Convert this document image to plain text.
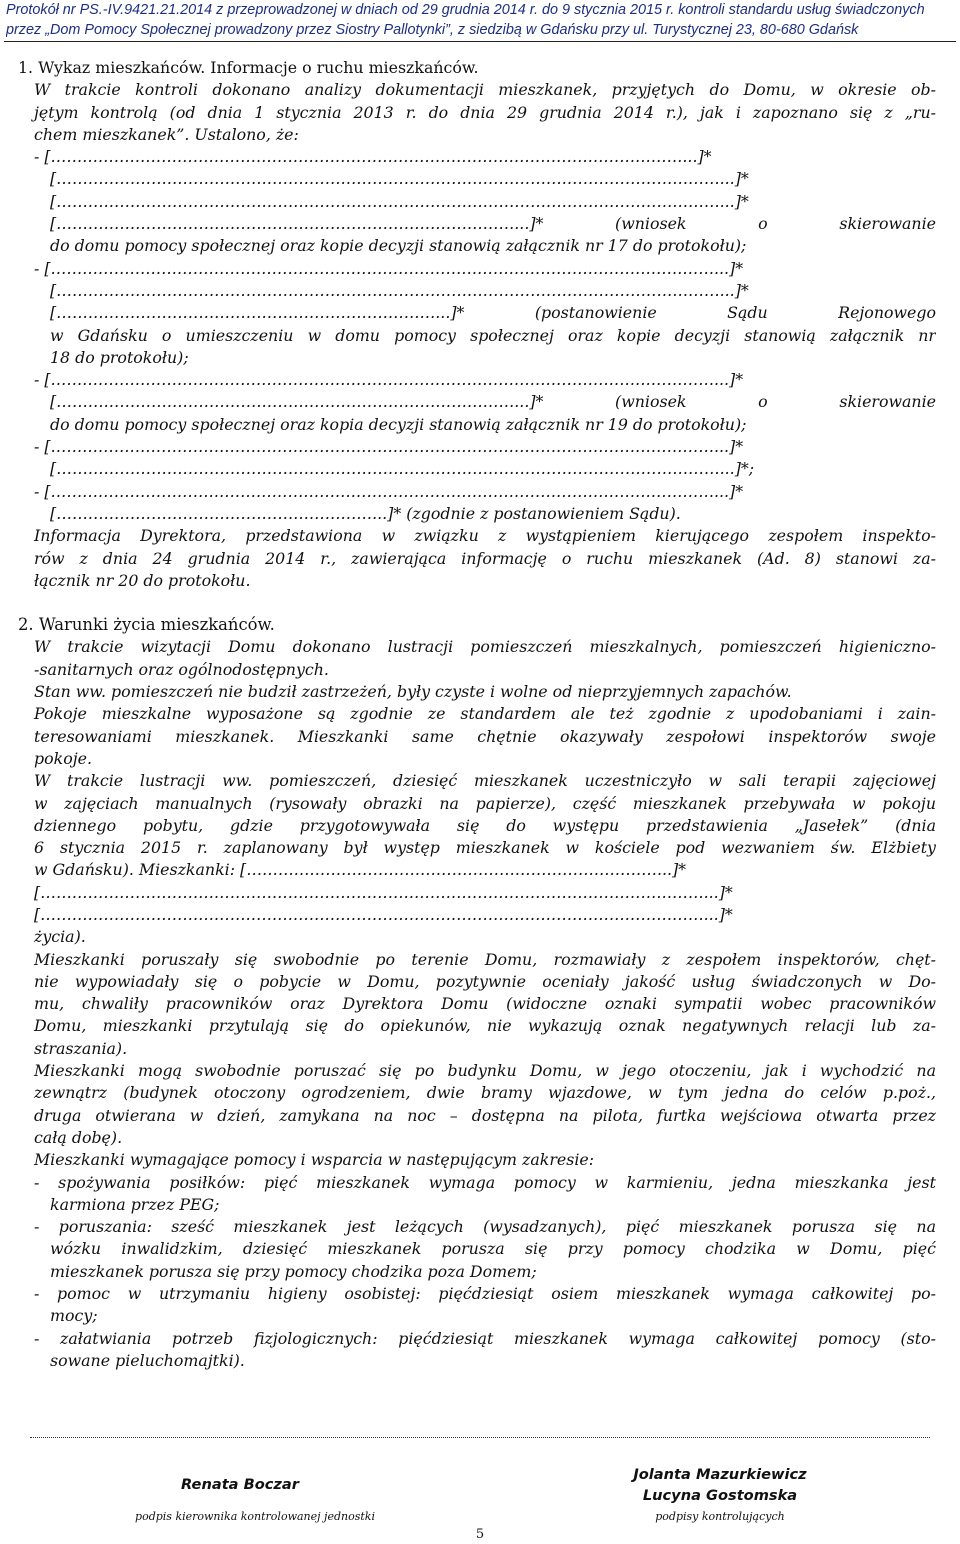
Protokół nr PS.-IV.9421.21.2014 z przeprowadzonej w dniach od 29 grudnia 2014 r. do 9 stycznia 2015 r. kontroli standardu usług świadczonych
przez „Dom Pomocy Społecznej prowadzony przez Siostry Pallotynki”, z siedzibą w Gdańsku przy ul. Turystycznej 23, 80-680 Gdańsk
1. Wykaz mieszkańców. Informacje o ruchu mieszkańców.
W trakcie kontroli dokonano analizy dokumentacji mieszkanek, przyjętych do Domu, w okresie ob-
jętym kontrolą (od dnia 1 stycznia 2013 r. do dnia 29 grudnia 2014 r.), jak i zapoznano się z „ru-
chem mieszkanek”. Ustalono, że:
- […………………………………………………………………………………………………………...]*
[………………………………………………………………………………………………………………...]*
[………………………………………………………………………………………………………………...]*
[……………………………………………………………………………...]* (wniosek o skierowanie
do domu pomocy społecznej oraz kopie decyzji stanowią załącznik nr 17 do protokołu);
- [………………………………………………………………………………………………………………...]*
[………………………………………………………………………………………………………………...]*
[………………………………………………………………...]* (postanowienie Sądu Rejonowego
w Gdańsku o umieszczeniu w domu pomocy społecznej oraz kopie decyzji stanowią załącznik nr
18 do protokołu);
- [………………………………………………………………………………………………………………...]*
[……………………………………………………………………………...]* (wniosek o skierowanie
do domu pomocy społecznej oraz kopia decyzji stanowią załącznik nr 19 do protokołu);
- [………………………………………………………………………………………………………………...]*
[………………………………………………………………………………………………………………...]*;
- [………………………………………………………………………………………………………………...]*
[……………………………………………………...]* (zgodnie z postanowieniem Sądu).
Informacja Dyrektora, przedstawiona w związku z wystąpieniem kierującego zespołem inspekto-
rów z dnia 24 grudnia 2014 r., zawierająca informację o ruchu mieszkanek (Ad. 8) stanowi za-
łącznik nr 20 do protokołu.
2. Warunki życia mieszkańców.
W trakcie wizytacji Domu dokonano lustracji pomieszczeń mieszkalnych, pomieszczeń higieniczno-
-sanitarnych oraz ogólnodostępnych.
Stan ww. pomieszczeń nie budził zastrzeżeń, były czyste i wolne od nieprzyjemnych zapachów.
Pokoje mieszkalne wyposażone są zgodnie ze standardem ale też zgodnie z upodobaniami i zain-
teresowaniami mieszkanek. Mieszkanki same chętnie okazywały zespołowi inspektorów swoje
pokoje.
W trakcie lustracji ww. pomieszczeń, dziesięć mieszkanek uczestniczyło w sali terapii zajęciowej
w zajęciach manualnych (rysowały obrazki na papierze), część mieszkanek przebywała w pokoju
dziennego pobytu, gdzie przygotowywała się do występu przedstawienia „Jasełek” (dnia
6 stycznia 2015 r. zaplanowany był występ mieszkanek w kościele pod wezwaniem św. Elżbiety
w Gdańsku). Mieszkanki: [……………………………………………………………………...]*
[………………………………………………………………………………………………………………...]*
[………………………………………………………………………………………………………………...]*
życia).
Mieszkanki poruszały się swobodnie po terenie Domu, rozmawiały z zespołem inspektorów, chęt-
nie wypowiadały się o pobycie w Domu, pozytywnie oceniały jakość usług świadczonych w Do-
mu, chwaliły pracowników oraz Dyrektora Domu (widoczne oznaki sympatii wobec pracowników
Domu, mieszkanki przytulają się do opiekunów, nie wykazują oznak negatywnych relacji lub za-
straszania).
Mieszkanki mogą swobodnie poruszać się po budynku Domu, w jego otoczeniu, jak i wychodzić na
zewnątrz (budynek otoczony ogrodzeniem, dwie bramy wjazdowe, w tym jedna do celów p.poż.,
druga otwierana w dzień, zamykana na noc – dostępna na pilota, furtka wejściowa otwarta przez
całą dobę).
Mieszkanki wymagające pomocy i wsparcia w następującym zakresie:
- spożywania posiłków: pięć mieszkanek wymaga pomocy w karmieniu, jedna mieszkanka jest
karmiona przez PEG;
- poruszania: sześć mieszkanek jest leżących (wysadzanych), pięć mieszkanek porusza się na
wózku inwalidzkim, dziesięć mieszkanek porusza się przy pomocy chodzika w Domu, pięć
mieszkanek porusza się przy pomocy chodzika poza Domem;
- pomoc w utrzymaniu higieny osobistej: pięćdziesiąt osiem mieszkanek wymaga całkowitej po-
mocy;
- załatwiania potrzeb fizjologicznych: pięćdziesiąt mieszkanek wymaga całkowitej pomocy (sto-
sowane pieluchomajtki).
Renata Boczar
podpis kierownika kontrolowanej jednostki
Jolanta Mazurkiewicz
Lucyna Gostomska
podpisy kontrolujących
5
